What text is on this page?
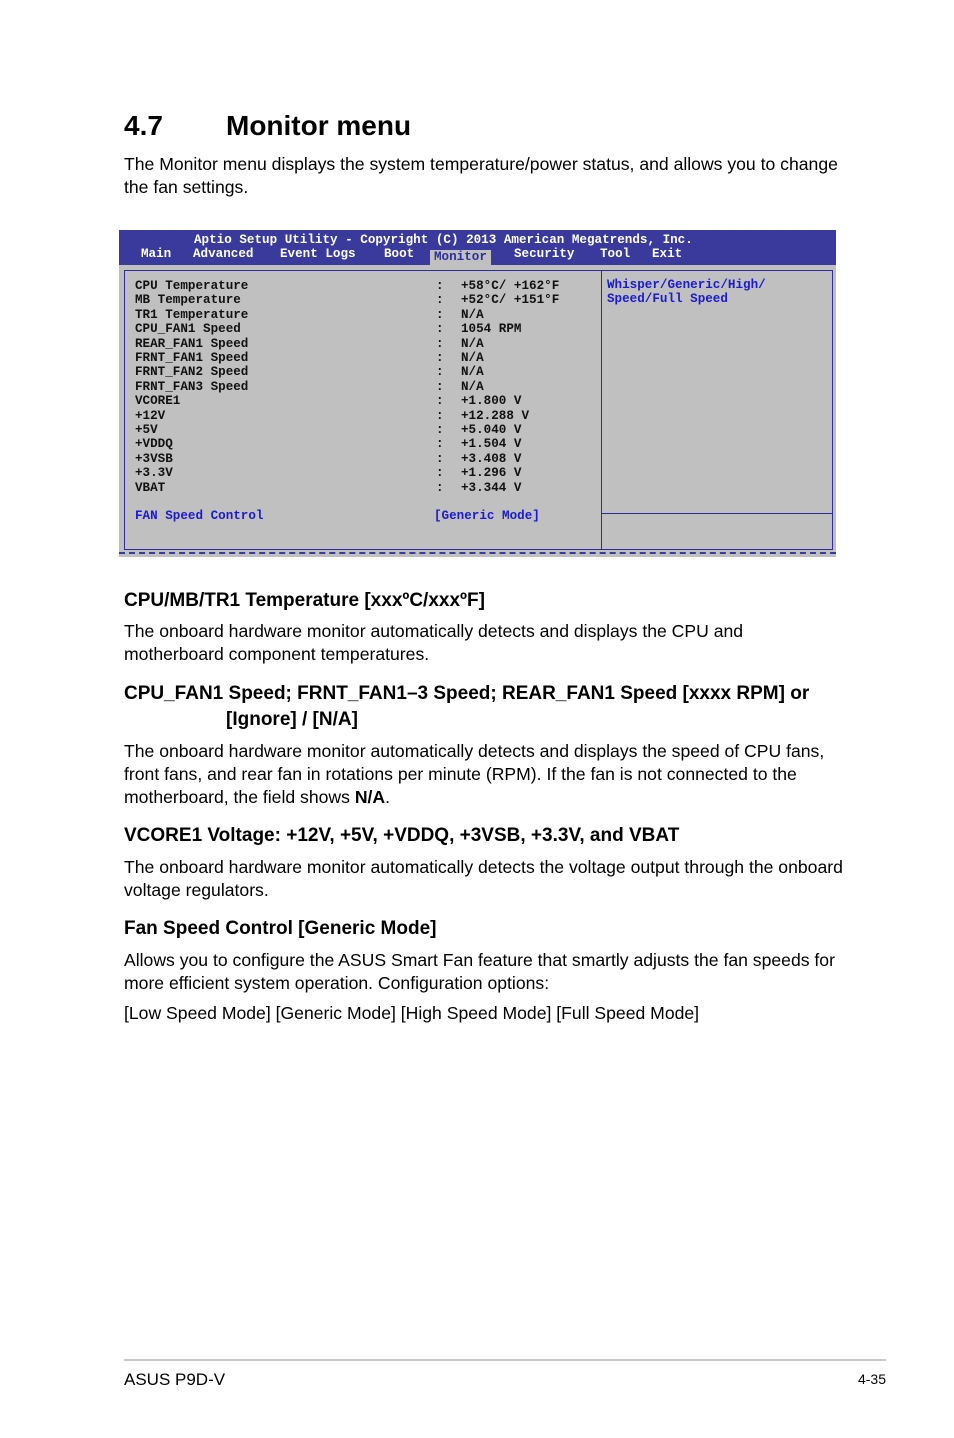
4.7 Monitor menu
The Monitor menu displays the system temperature/power status, and allows you to change the fan settings.
Aptio Setup Utility - Copyright (C) 2013 American Megatrends, Inc.
Main Advanced Event Logs Boot	Monitor	Security Tool Exit
CPU Temperature	: +58°C/ +162°F
MB Temperature	: +52°C/ +151°F
TR1 Temperature	: N/A
CPU_FAN1 Speed	: 1054 RPM
REAR_FAN1 Speed	: N/A
FRNT_FAN1 Speed	: N/A
FRNT_FAN2 Speed	: N/A
FRNT_FAN3 Speed	: N/A
VCORE1	: +1.800 V
+12V	: +12.288 V
+5V	: +5.040 V
+VDDQ	: +1.504 V
+3VSB	: +3.408 V
+3.3V	: +1.296 V
VBAT	: +3.344 V
FAN Speed Control	[Generic Mode]
Whisper/Generic/High/
Speed/Full Speed
CPU/MB/TR1 Temperature [xxxºC/xxxºF]
The onboard hardware monitor automatically detects and displays the CPU and motherboard component temperatures.
CPU_FAN1 Speed; FRNT_FAN1–3 Speed; REAR_FAN1 Speed [xxxx RPM] or
[Ignore] / [N/A]
The onboard hardware monitor automatically detects and displays the speed of CPU fans, front fans, and rear fan in rotations per minute (RPM). If the fan is not connected to the motherboard, the field shows N/A.
VCORE1 Voltage: +12V, +5V, +VDDQ, +3VSB, +3.3V, and VBAT
The onboard hardware monitor automatically detects the voltage output through the onboard voltage regulators.
Fan Speed Control [Generic Mode]
Allows you to configure the ASUS Smart Fan feature that smartly adjusts the fan speeds for more efficient system operation. Configuration options:
[Low Speed Mode] [Generic Mode] [High Speed Mode] [Full Speed Mode]
ASUS P9D-V	4-35
